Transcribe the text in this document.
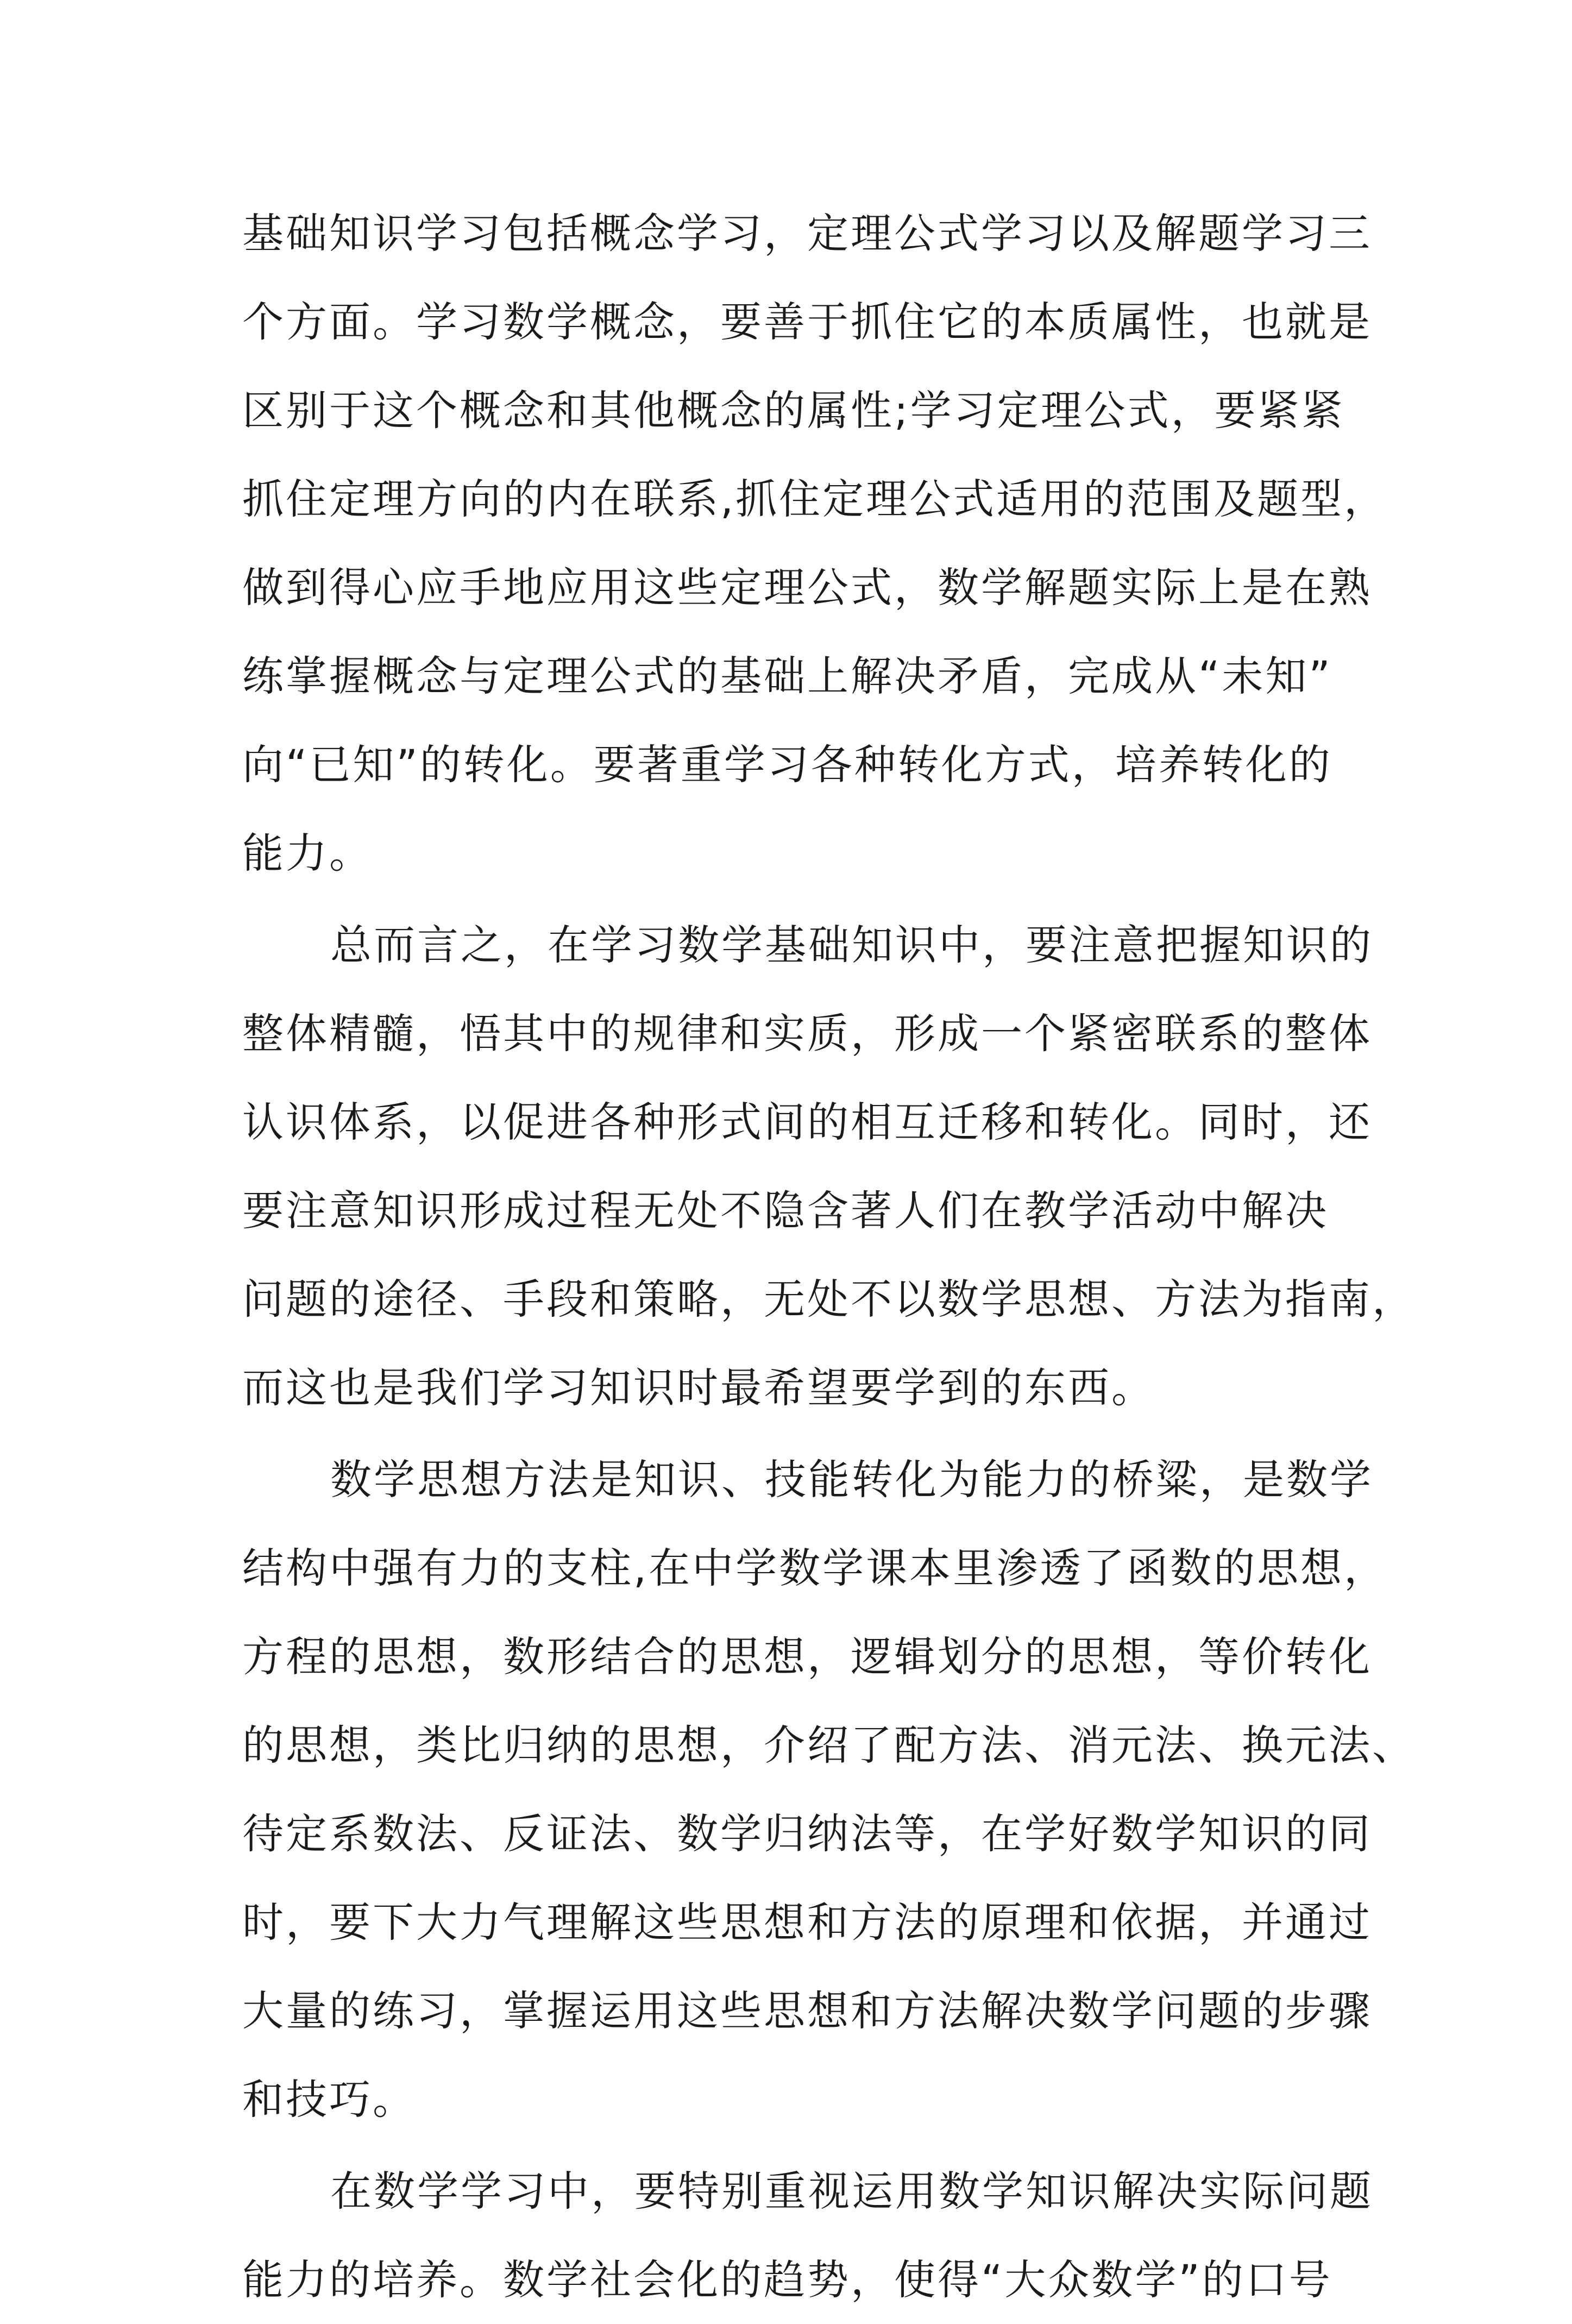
基础知识学习包括概念学习，定理公式学习以及解题学习三
个方面。学习数学概念，要善于抓住它的本质属性，也就是
区别于这个概念和其他概念的属性;学习定理公式，要紧紧
抓住定理方向的内在联系,抓住定理公式适用的范围及题型，
做到得心应手地应用这些定理公式，数学解题实际上是在熟
练掌握概念与定理公式的基础上解决矛盾，完成从“未知”
向“已知”的转化。要著重学习各种转化方式，培养转化的
能力。
总而言之，在学习数学基础知识中，要注意把握知识的
整体精髓，悟其中的规律和实质，形成一个紧密联系的整体
认识体系，以促进各种形式间的相互迁移和转化。同时，还
要注意知识形成过程无处不隐含著人们在教学活动中解决
问题的途径、手段和策略，无处不以数学思想、方法为指南，
而这也是我们学习知识时最希望要学到的东西。
数学思想方法是知识、技能转化为能力的桥粱，是数学
结构中强有力的支柱,在中学数学课本里渗透了函数的思想，
方程的思想，数形结合的思想，逻辑划分的思想，等价转化
的思想，类比归纳的思想，介绍了配方法、消元法、换元法、
待定系数法、反证法、数学归纳法等，在学好数学知识的同
时，要下大力气理解这些思想和方法的原理和依据，并通过
大量的练习，掌握运用这些思想和方法解决数学问题的步骤
和技巧。
在数学学习中，要特别重视运用数学知识解决实际问题
能力的培养。数学社会化的趋势，使得“大众数学”的口号
